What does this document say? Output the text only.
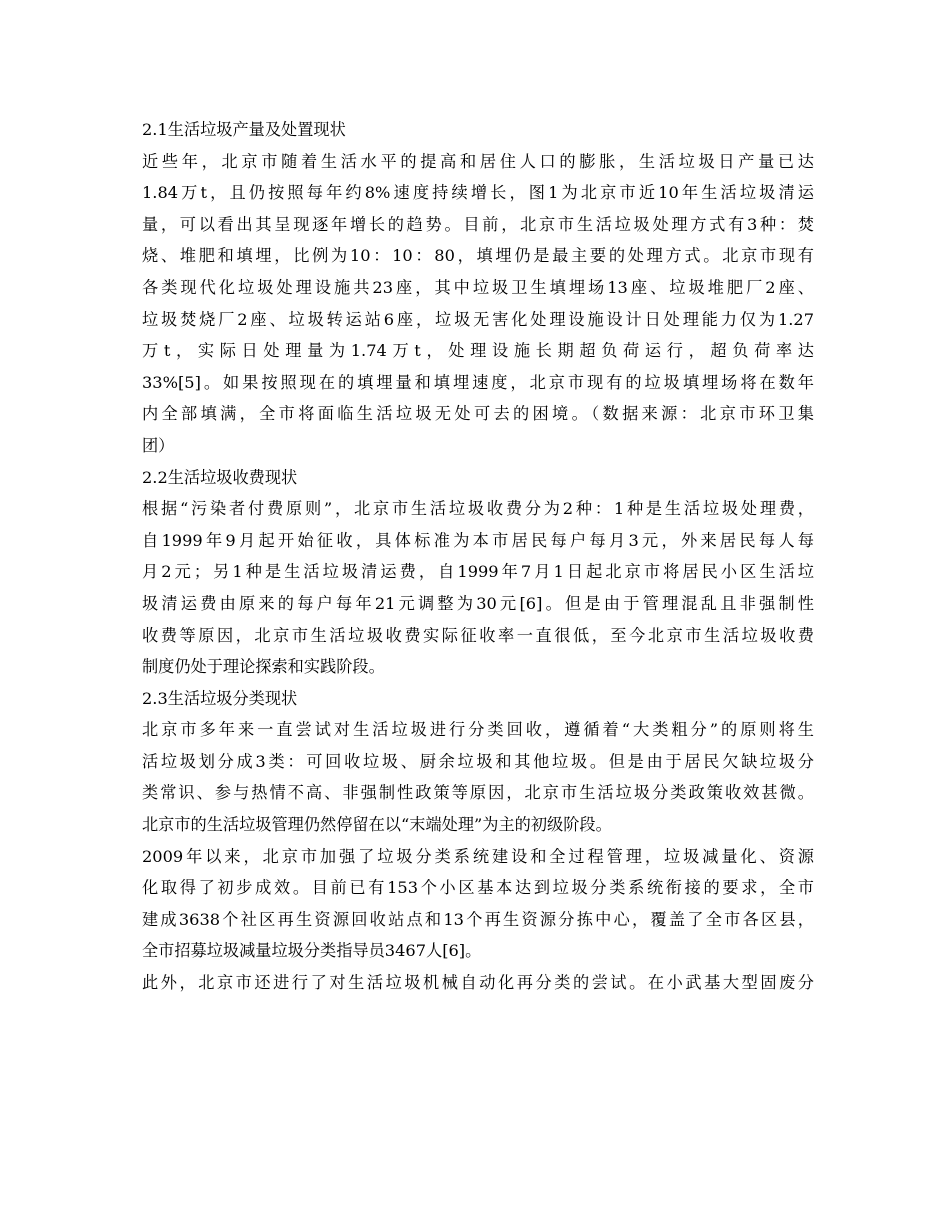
2.1生活垃圾产量及处置现状
近些年，北京市随着生活水平的提高和居住人口的膨胀，生活垃圾日产量已达
1.84万t，且仍按照每年约8%速度持续增长，图1为北京市近10年生活垃圾清运
量，可以看出其呈现逐年增长的趋势。目前，北京市生活垃圾处理方式有3种：焚
烧、堆肥和填埋，比例为10：10：80，填埋仍是最主要的处理方式。北京市现有
各类现代化垃圾处理设施共23座，其中垃圾卫生填埋场13座、垃圾堆肥厂2座、
垃圾焚烧厂2座、垃圾转运站6座，垃圾无害化处理设施设计日处理能力仅为1.27
万t，实际日处理量为1.74万t，处理设施长期超负荷运行，超负荷率达
33%[5]。如果按照现在的填埋量和填埋速度，北京市现有的垃圾填埋场将在数年
内全部填满，全市将面临生活垃圾无处可去的困境。（数据来源：北京市环卫集
团）
2.2生活垃圾收费现状
根据“污染者付费原则”，北京市生活垃圾收费分为2种：1种是生活垃圾处理费，
自1999年9月起开始征收，具体标准为本市居民每户每月3元，外来居民每人每
月2元；另1种是生活垃圾清运费，自1999年7月1日起北京市将居民小区生活垃
圾清运费由原来的每户每年21元调整为30元[6]。但是由于管理混乱且非强制性
收费等原因，北京市生活垃圾收费实际征收率一直很低，至今北京市生活垃圾收费
制度仍处于理论探索和实践阶段。
2.3生活垃圾分类现状
北京市多年来一直尝试对生活垃圾进行分类回收，遵循着“大类粗分”的原则将生
活垃圾划分成3类：可回收垃圾、厨余垃圾和其他垃圾。但是由于居民欠缺垃圾分
类常识、参与热情不高、非强制性政策等原因，北京市生活垃圾分类政策收效甚微。
北京市的生活垃圾管理仍然停留在以“末端处理”为主的初级阶段。
2009年以来，北京市加强了垃圾分类系统建设和全过程管理，垃圾减量化、资源
化取得了初步成效。目前已有153个小区基本达到垃圾分类系统衔接的要求，全市
建成3638个社区再生资源回收站点和13个再生资源分拣中心，覆盖了全市各区县，
全市招募垃圾减量垃圾分类指导员3467人[6]。
此外，北京市还进行了对生活垃圾机械自动化再分类的尝试。在小武基大型固废分
